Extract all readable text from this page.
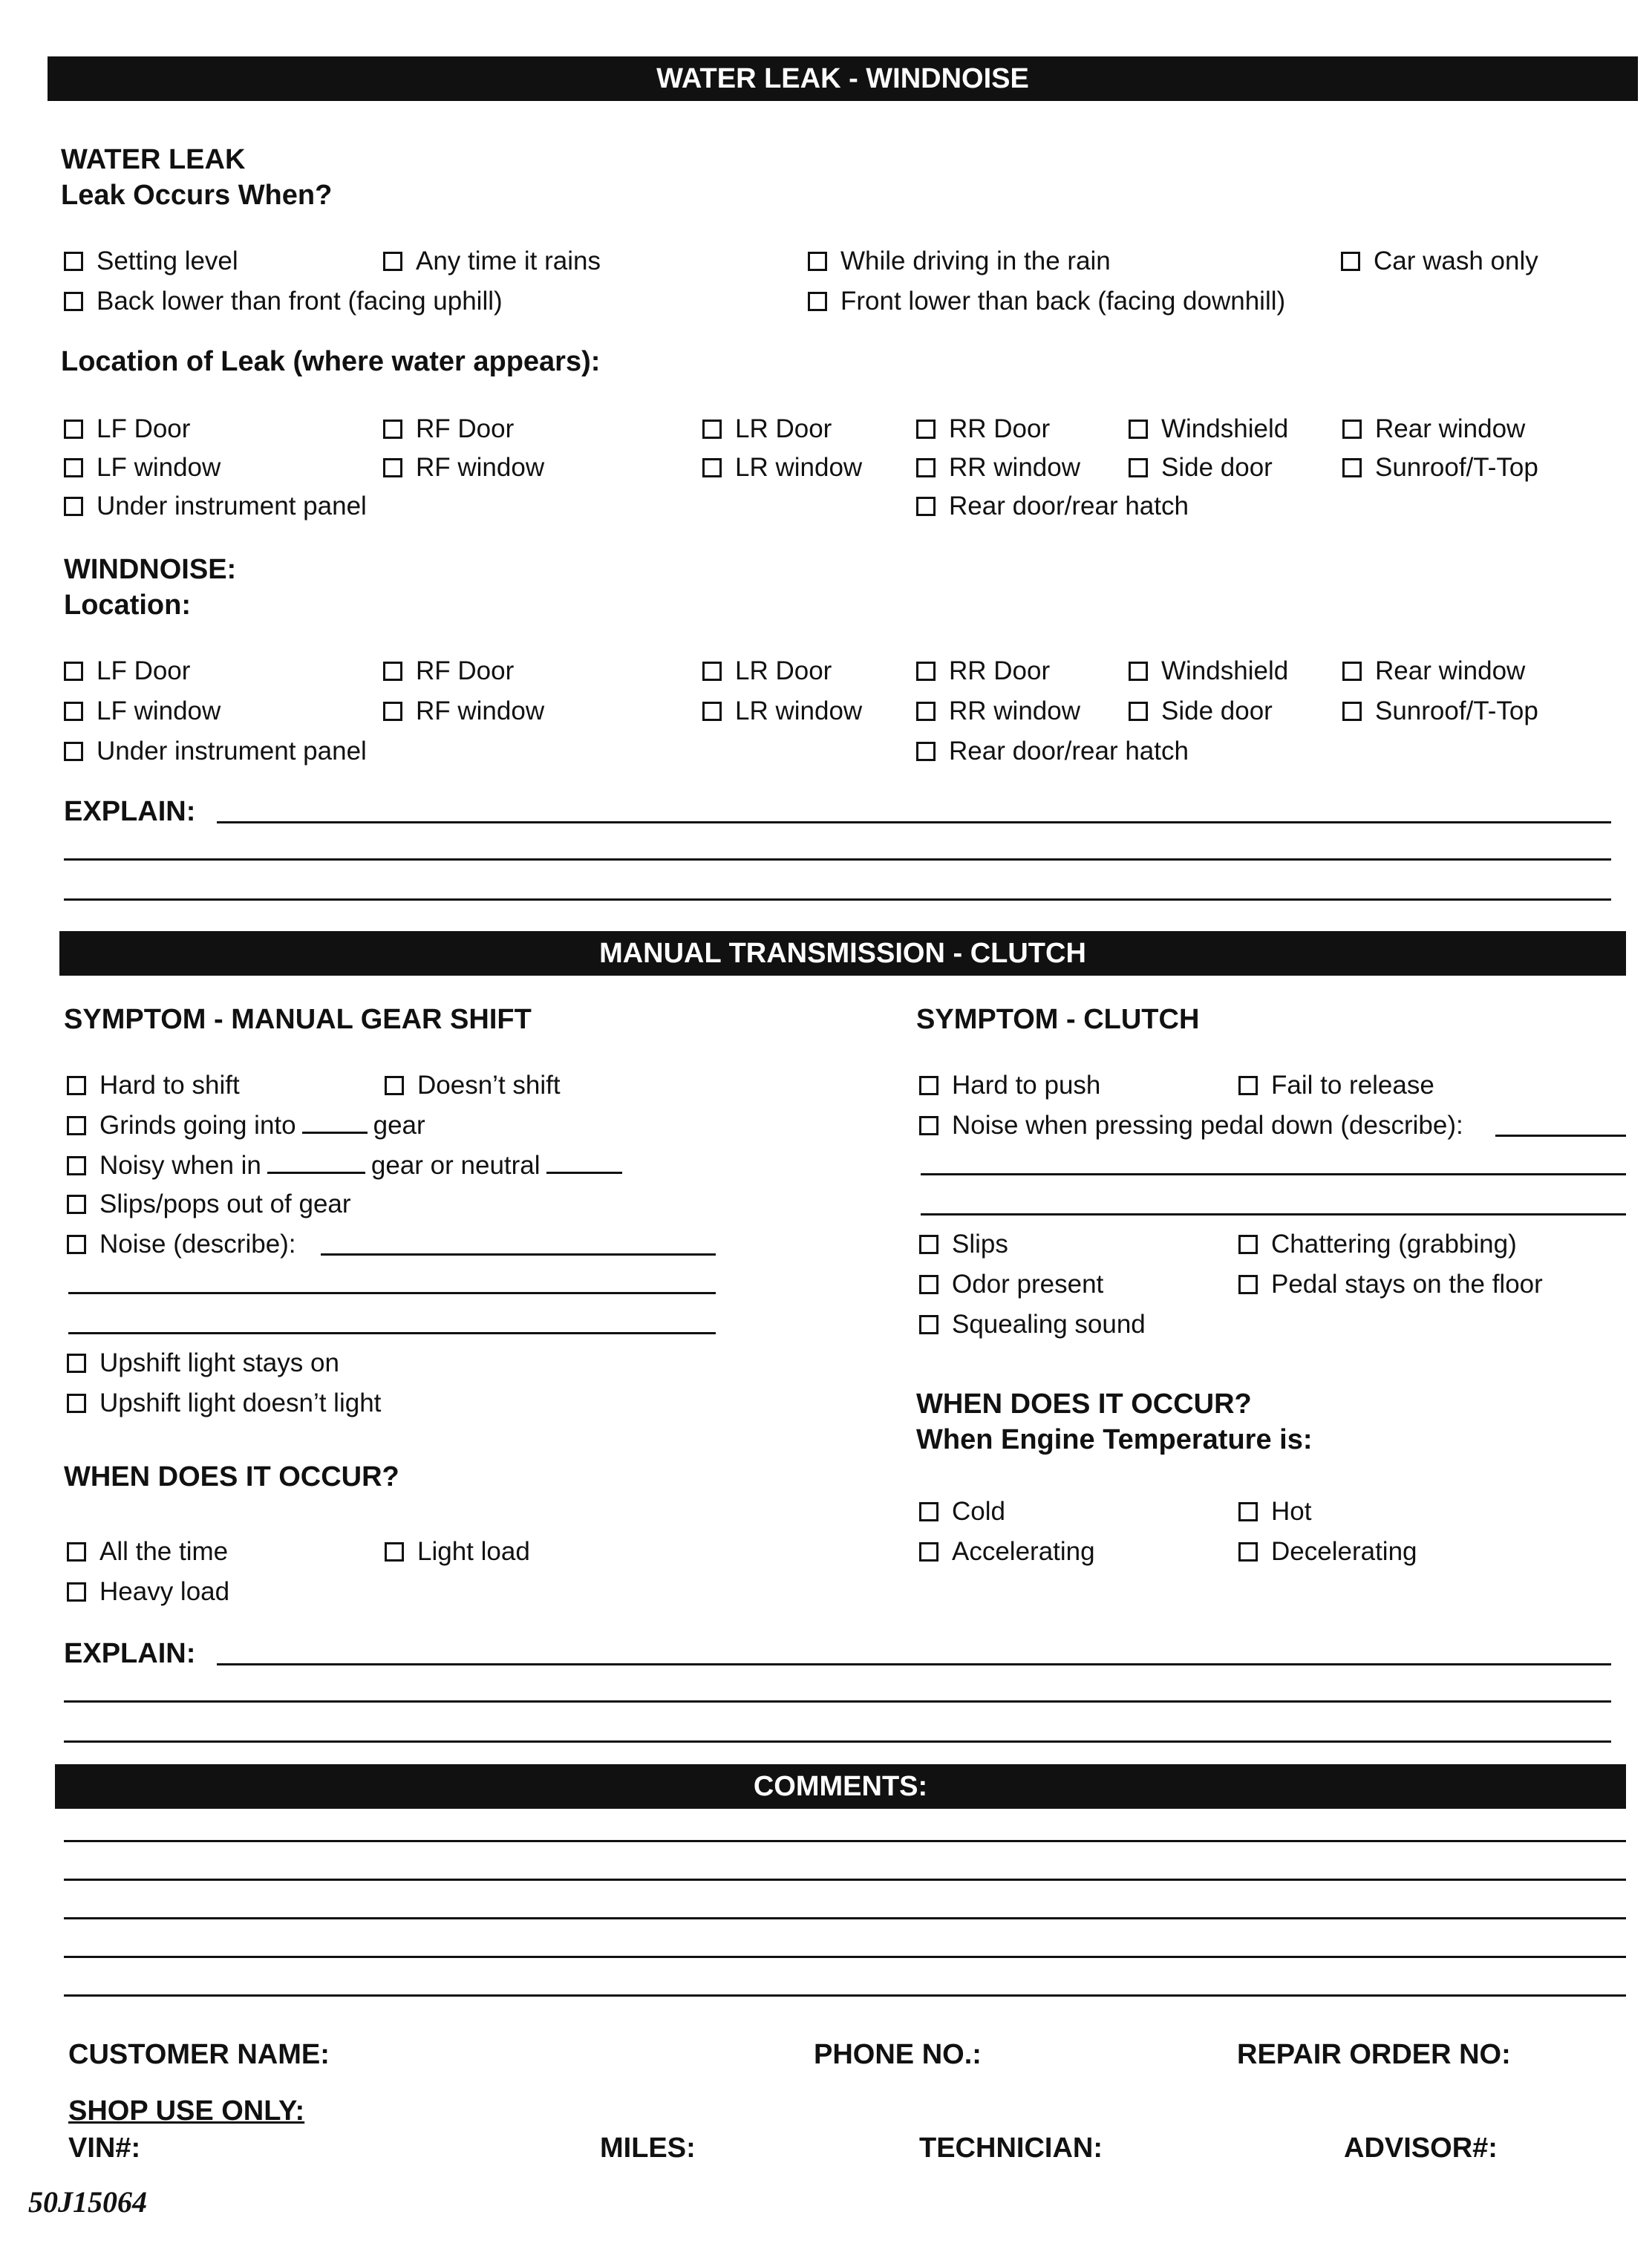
WATER LEAK - WINDNOISE
WATER LEAK
Leak Occurs When?
Setting level	Any time it rains	While driving in the rain	Car wash only
Back lower than front (facing uphill)	Front lower than back (facing downhill)
Location of Leak (where water appears):
LF Door	RF Door	LR Door	RR Door	Windshield	Rear window
LF window	RF window	LR window	RR window	Side door	Sunroof/T-Top
Under instrument panel	Rear door/rear hatch
WINDNOISE:
Location:
LF Door	RF Door	LR Door	RR Door	Windshield	Rear window
LF window	RF window	LR window	RR window	Side door	Sunroof/T-Top
Under instrument panel	Rear door/rear hatch
EXPLAIN:
MANUAL TRANSMISSION - CLUTCH
SYMPTOM - MANUAL GEAR SHIFT
Hard to shift	Doesn’t shift
Grinds going into	gear
Noisy when in	gear or neutral
Slips/pops out of gear
Noise (describe):
Upshift light stays on
Upshift light doesn’t light
WHEN DOES IT OCCUR?
All the time	Light load
Heavy load
SYMPTOM - CLUTCH
Hard to push	Fail to release
Noise when pressing pedal down (describe):
Slips	Chattering (grabbing)
Odor present	Pedal stays on the floor
Squealing sound
WHEN DOES IT OCCUR?
When Engine Temperature is:
Cold	Hot
Accelerating	Decelerating
EXPLAIN:
COMMENTS:
CUSTOMER NAME:	PHONE NO.:	REPAIR ORDER NO:
SHOP USE ONLY:
VIN#:	MILES:	TECHNICIAN:	ADVISOR#:
50J15064
